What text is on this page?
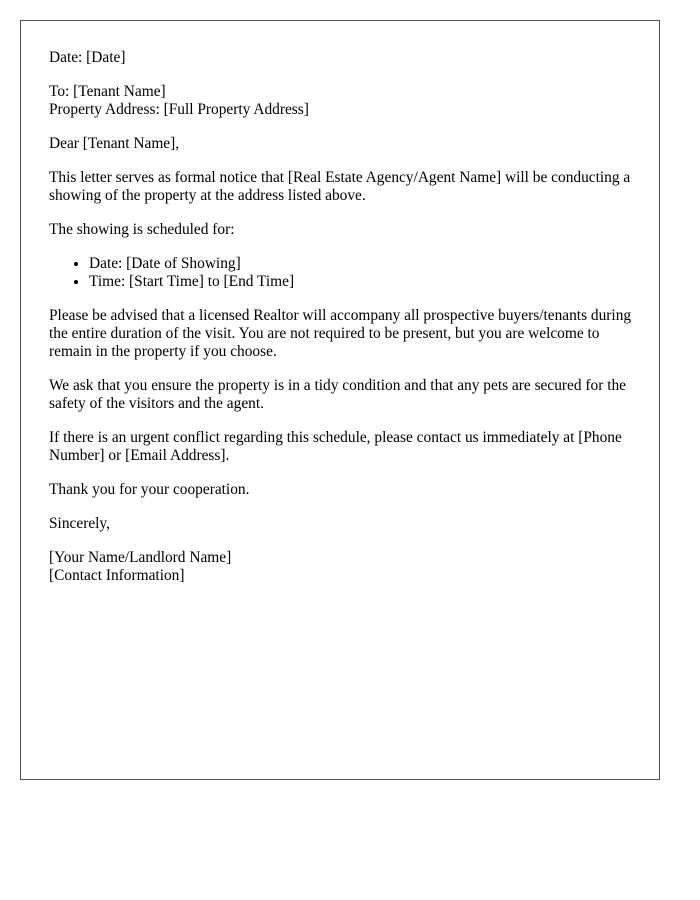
Date: [Date]

To: [Tenant Name]
Property Address: [Full Property Address]

Dear [Tenant Name],

This letter serves as formal notice that [Real Estate Agency/Agent Name] will be conducting a showing of the property at the address listed above.

The showing is scheduled for:

• Date: [Date of Showing]
• Time: [Start Time] to [End Time]

Please be advised that a licensed Realtor will accompany all prospective buyers/tenants during the entire duration of the visit. You are not required to be present, but you are welcome to remain in the property if you choose.

We ask that you ensure the property is in a tidy condition and that any pets are secured for the safety of the visitors and the agent.

If there is an urgent conflict regarding this schedule, please contact us immediately at [Phone Number] or [Email Address].

Thank you for your cooperation.

Sincerely,

[Your Name/Landlord Name]
[Contact Information]
